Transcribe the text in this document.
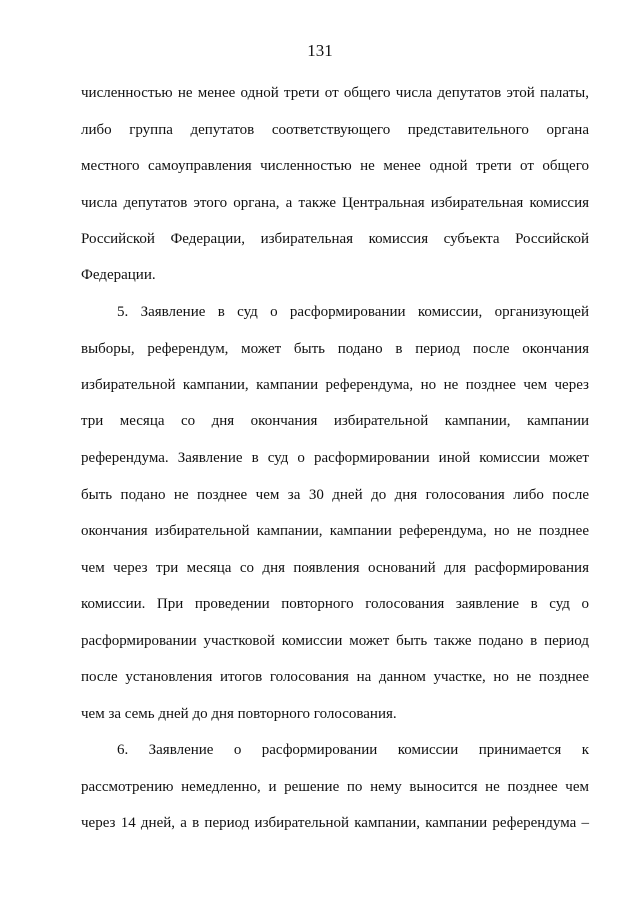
131
численностью не менее одной трети от общего числа депутатов этой палаты,
либо группа депутатов соответствующего представительного органа
местного самоуправления численностью не менее одной трети от общего
числа депутатов этого органа, а также Центральная избирательная комиссия
Российской Федерации, избирательная комиссия субъекта Российской
Федерации.
5. Заявление в суд о расформировании комиссии, организующей
выборы, референдум, может быть подано в период после окончания
избирательной кампании, кампании референдума, но не позднее чем через
три месяца со дня окончания избирательной кампании, кампании
референдума. Заявление в суд о расформировании иной комиссии может
быть подано не позднее чем за 30 дней до дня голосования либо после
окончания избирательной кампании, кампании референдума, но не позднее
чем через три месяца со дня появления оснований для расформирования
комиссии. При проведении повторного голосования заявление в суд о
расформировании участковой комиссии может быть также подано в период
после установления итогов голосования на данном участке, но не позднее
чем за семь дней до дня повторного голосования.
6. Заявление о расформировании комиссии принимается к
рассмотрению немедленно, и решение по нему выносится не позднее чем
через 14 дней, а в период избирательной кампании, кампании референдума –
